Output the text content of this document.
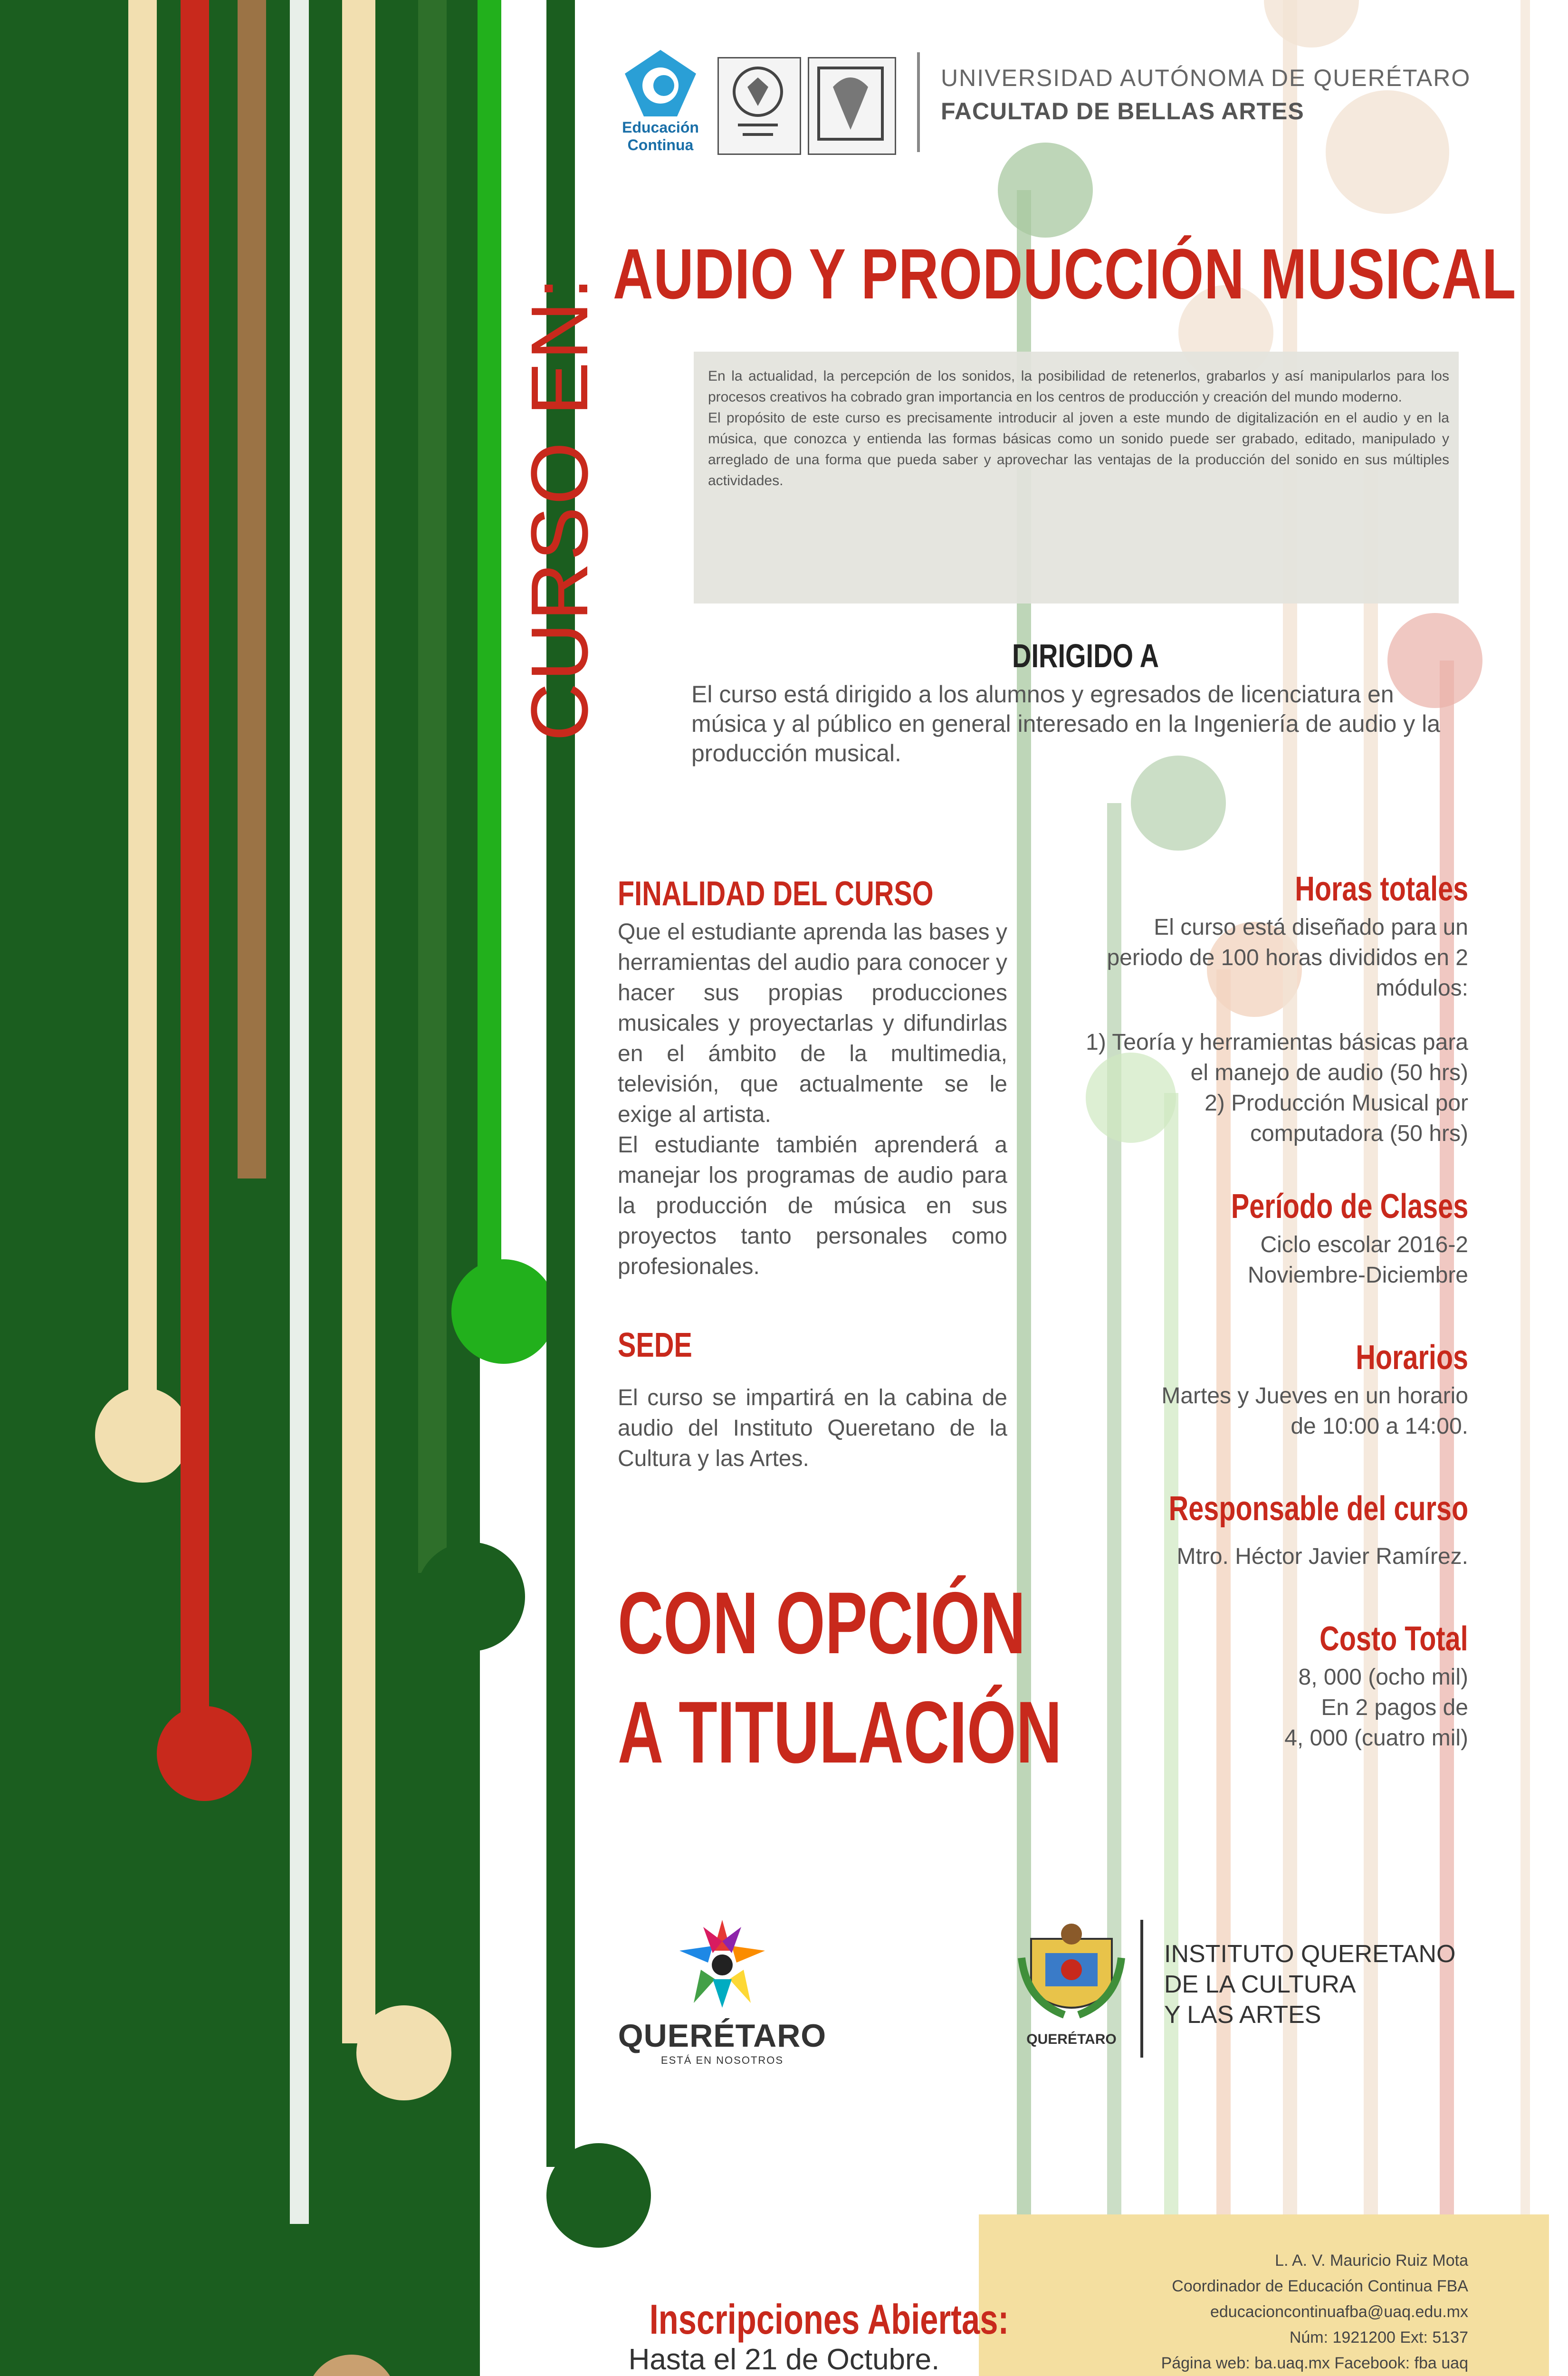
Educación
Continua
UNIVERSIDAD AUTÓNOMA DE QUERÉTARO
FACULTAD DE BELLAS ARTES
CURSO EN:
AUDIO Y PRODUCCIÓN MUSICAL
En la actualidad, la percepción de los sonidos, la posibilidad de retenerlos, grabarlos y así manipularlos para los procesos creativos ha cobrado gran importancia en los centros de producción y creación del mundo moderno.
El propósito de este curso es precisamente introducir al joven a este mundo de digitalización en el audio y en la música, que conozca y entienda las formas básicas como un sonido puede ser grabado, editado, manipulado y arreglado de una forma que pueda saber y aprovechar las ventajas de la producción del sonido en sus múltiples actividades.
DIRIGIDO A
El curso está dirigido a los alumnos y egresados de licenciatura en música y al público en general interesado en la Ingeniería de audio y la producción musical.
FINALIDAD DEL CURSO
Que el estudiante aprenda las bases y herramientas del audio para conocer y hacer sus propias producciones musicales y proyectarlas y difundirlas en el ámbito de la multimedia, televisión, que actualmente se le exige al artista.
El estudiante también aprenderá a manejar los programas de audio para la producción de música en sus proyectos tanto personales como profesionales.
SEDE
El curso se impartirá en la cabina de audio del Instituto Queretano de la Cultura y las Artes.
CON OPCIÓN
A TITULACIÓN
Horas totales
El curso está diseñado para un periodo de 100 horas divididos en 2 módulos:
1) Teoría y herramientas básicas para el manejo de audio (50 hrs)
2) Producción Musical por computadora (50 hrs)
Período de Clases
Ciclo escolar 2016-2
Noviembre-Diciembre
Horarios
Martes y Jueves en un horario
de 10:00 a 14:00.
Responsable del curso
Mtro. Héctor Javier Ramírez.
Costo Total
8, 000 (ocho mil)
En 2 pagos de
4, 000 (cuatro mil)
QUERÉTARO
ESTÁ EN NOSOTROS
QUERÉTARO
INSTITUTO QUERETANO
DE LA CULTURA
Y LAS ARTES
Inscripciones Abiertas:
Hasta el 21 de Octubre.
L. A. V. Mauricio Ruiz Mota
Coordinador de Educación Continua FBA
educacioncontinuafba@uaq.edu.mx
Núm: 1921200 Ext: 5137
Página web: ba.uaq.mx Facebook: fba uaq
